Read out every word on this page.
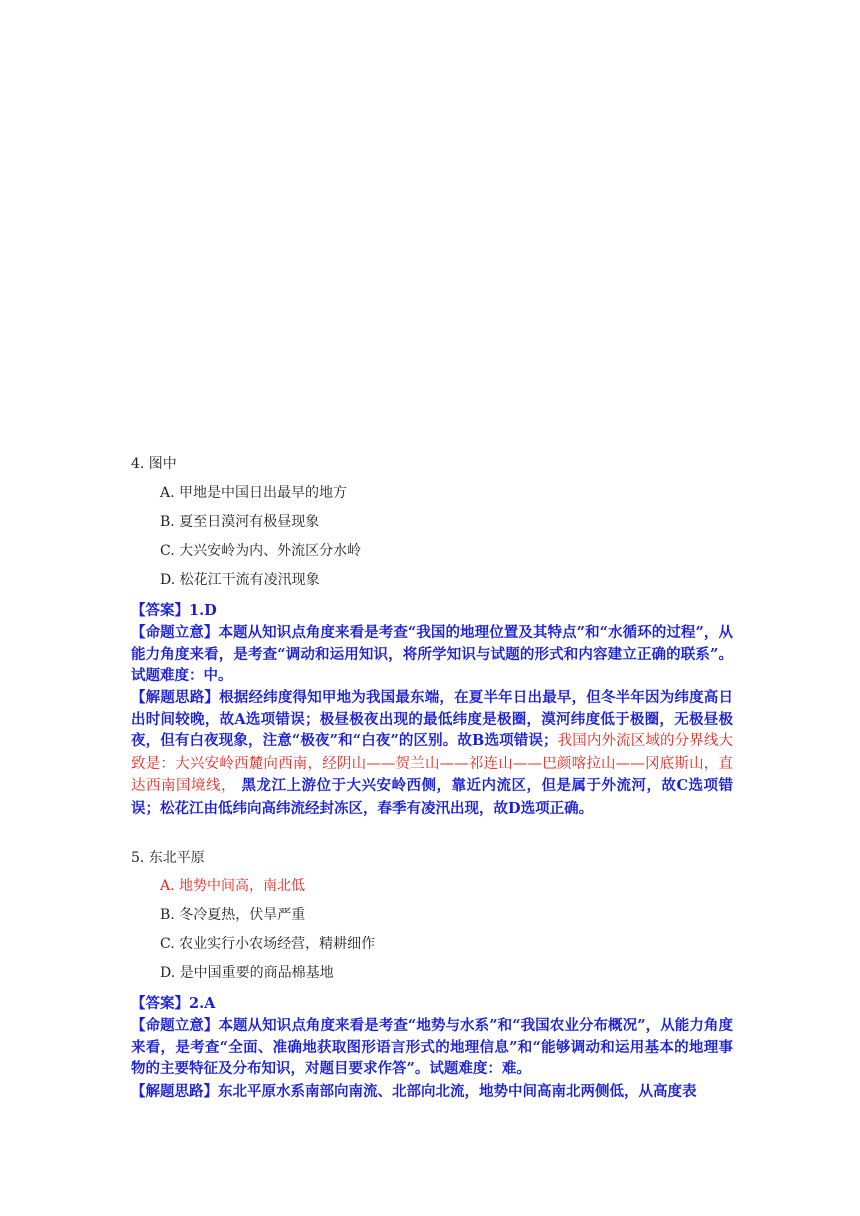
4. 图中
A. 甲地是中国日出最早的地方
B. 夏至日漠河有极昼现象
C. 大兴安岭为内、外流区分水岭
D. 松花江干流有凌汛现象
【答案】1.D
【命题立意】本题从知识点角度来看是考查“我国的地理位置及其特点”和“水循环的过程”，从能力角度来看，是考查“调动和运用知识，将所学知识与试题的形式和内容建立正确的联系”。试题难度：中。
【解题思路】根据经纬度得知甲地为我国最东端，在夏半年日出最早，但冬半年因为纬度高日出时间较晚，故A选项错误；极昼极夜出现的最低纬度是极圈，漠河纬度低于极圈，无极昼极夜，但有白夜现象，注意“极夜”和“白夜”的区别。故B选项错误；我国内外流区域的分界线大致是：大兴安岭西麓向西南，经阴山——贺兰山——祁连山——巴颜喀拉山——冈底斯山，直达西南国境线， 黑龙江上游位于大兴安岭西侧，靠近内流区，但是属于外流河，故C选项错误；松花江由低纬向高纬流经封冻区，春季有凌汛出现，故D选项正确。
5. 东北平原
A. 地势中间高，南北低
B. 冬冷夏热，伏旱严重
C. 农业实行小农场经营，精耕细作
D. 是中国重要的商品棉基地
【答案】2.A
【命题立意】本题从知识点角度来看是考查“地势与水系”和“我国农业分布概况”，从能力角度来看，是考查“全面、准确地获取图形语言形式的地理信息”和“能够调动和运用基本的地理事物的主要特征及分布知识，对题目要求作答”。试题难度：难。
【解题思路】东北平原水系南部向南流、北部向北流，地势中间高南北两侧低，从高度表
